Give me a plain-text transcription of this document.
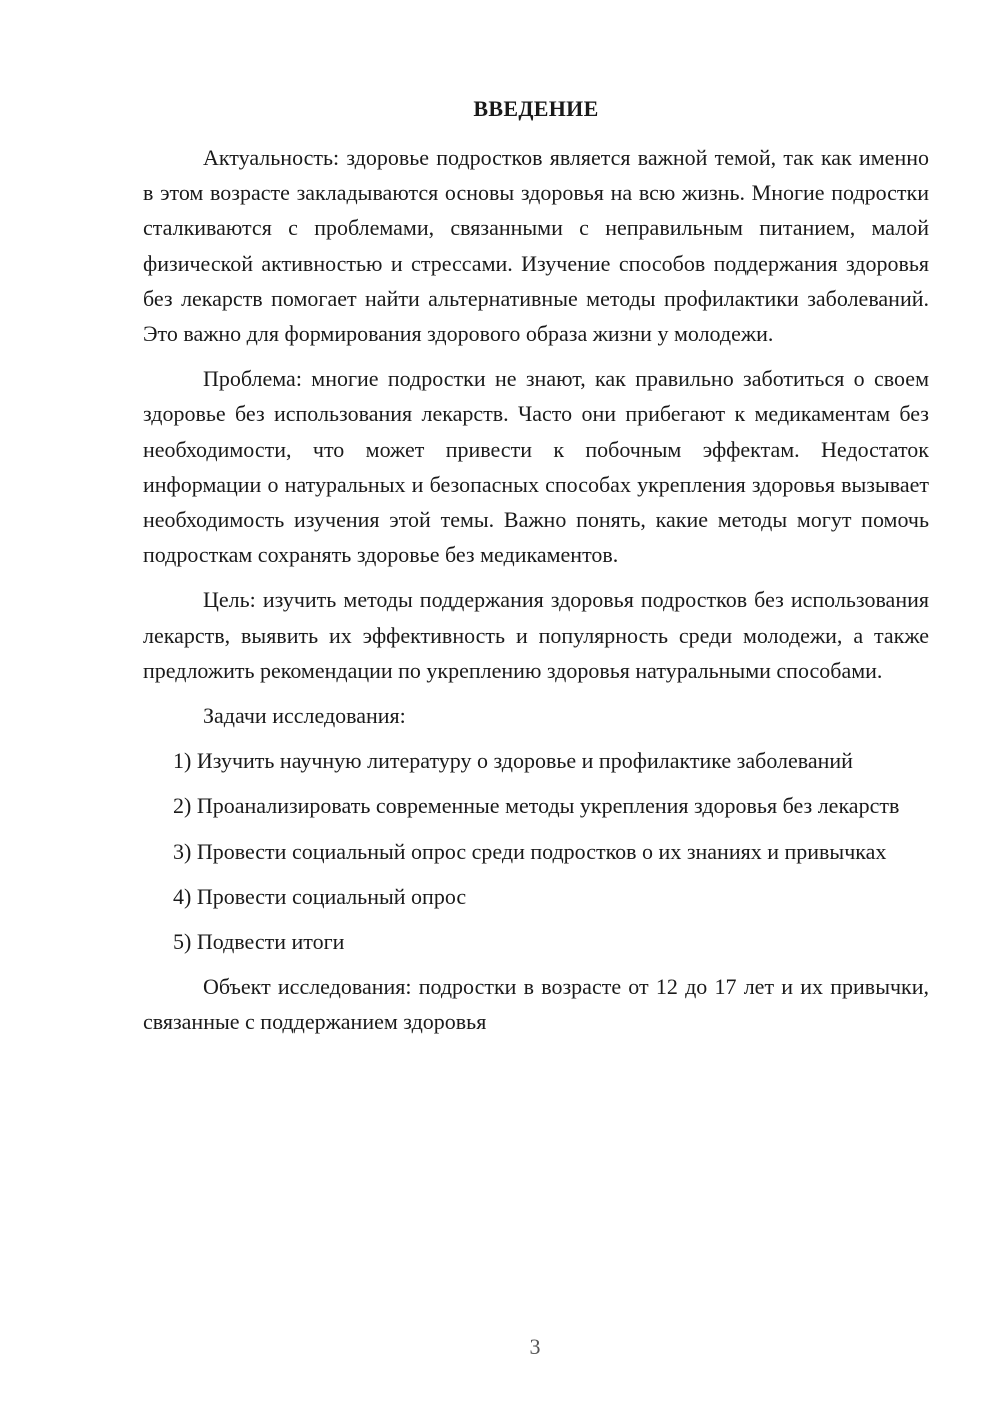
ВВЕДЕНИЕ

Актуальность: здоровье подростков является важной темой, так как именно в этом возрасте закладываются основы здоровья на всю жизнь. Многие подростки сталкиваются с проблемами, связанными с неправильным питанием, малой физической активностью и стрессами. Изучение способов поддержания здоровья без лекарств помогает найти альтернативные методы профилактики заболеваний. Это важно для формирования здорового образа жизни у молодежи.

Проблема: многие подростки не знают, как правильно заботиться о своем здоровье без использования лекарств. Часто они прибегают к медикаментам без необходимости, что может привести к побочным эффектам. Недостаток информации о натуральных и безопасных способах укрепления здоровья вызывает необходимость изучения этой темы. Важно понять, какие методы могут помочь подросткам сохранять здоровье без медикаментов.

Цель: изучить методы поддержания здоровья подростков без использования лекарств, выявить их эффективность и популярность среди молодежи, а также предложить рекомендации по укреплению здоровья натуральными способами.

Задачи исследования:

1) Изучить научную литературу о здоровье и профилактике заболеваний

2) Проанализировать современные методы укрепления здоровья без лекарств

3) Провести социальный опрос среди подростков о их знаниях и привычках

4) Провести социальный опрос

5) Подвести итоги

Объект исследования: подростки в возрасте от 12 до 17 лет и их привычки, связанные с поддержанием здоровья

3
